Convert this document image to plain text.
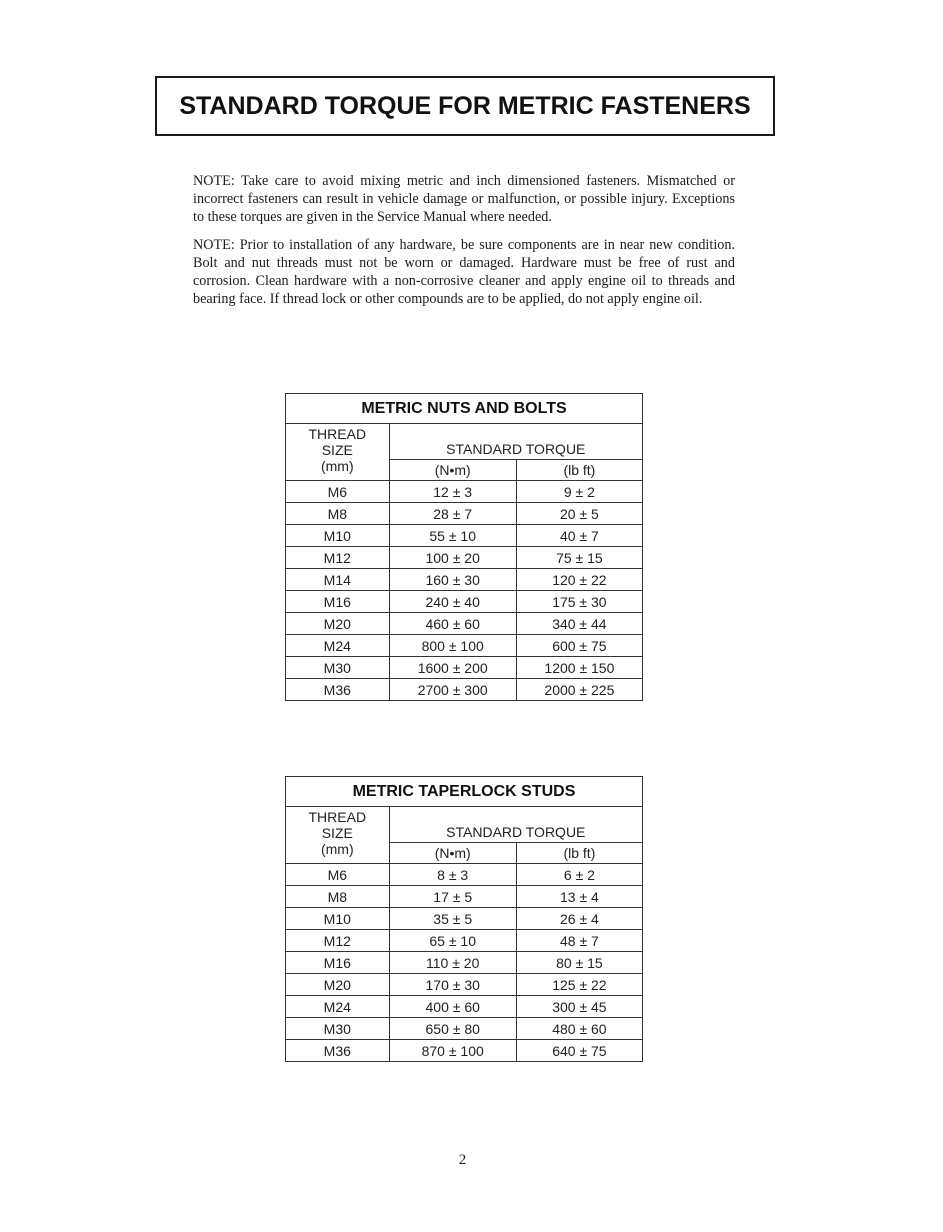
STANDARD TORQUE FOR METRIC FASTENERS

NOTE: Take care to avoid mixing metric and inch dimensioned fasteners. Mismatched or incorrect fasteners can result in vehicle damage or malfunction, or possible injury. Exceptions to these torques are given in the Service Manual where needed.

NOTE: Prior to installation of any hardware, be sure components are in near new condition. Bolt and nut threads must not be worn or damaged. Hardware must be free of rust and corrosion. Clean hardware with a non-corrosive cleaner and apply engine oil to threads and bearing face. If thread lock or other compounds are to be applied, do not apply engine oil.

METRIC NUTS AND BOLTS		

THREAD
SIZE
(mm)	STANDARD TORQUE	
	(N•m)	(lb ft)
M6	12 ± 3	9 ± 2
M8	28 ± 7	20 ± 5
M10	55 ± 10	40 ± 7
M12	100 ± 20	75 ± 15
M14	160 ± 30	120 ± 22
M16	240 ± 40	175 ± 30
M20	460 ± 60	340 ± 44
M24	800 ± 100	600 ± 75
M30	1600 ± 200	1200 ± 150
M36	2700 ± 300	2000 ± 225
METRIC TAPERLOCK STUDS		

THREAD
SIZE
(mm)	STANDARD TORQUE	
	(N•m)	(lb ft)
M6	8 ± 3	6 ± 2
M8	17 ± 5	13 ± 4
M10	35 ± 5	26 ± 4
M12	65 ± 10	48 ± 7
M16	110 ± 20	80 ± 15
M20	170 ± 30	125 ± 22
M24	400 ± 60	300 ± 45
M30	650 ± 80	480 ± 60
M36	870 ± 100	640 ± 75
2
